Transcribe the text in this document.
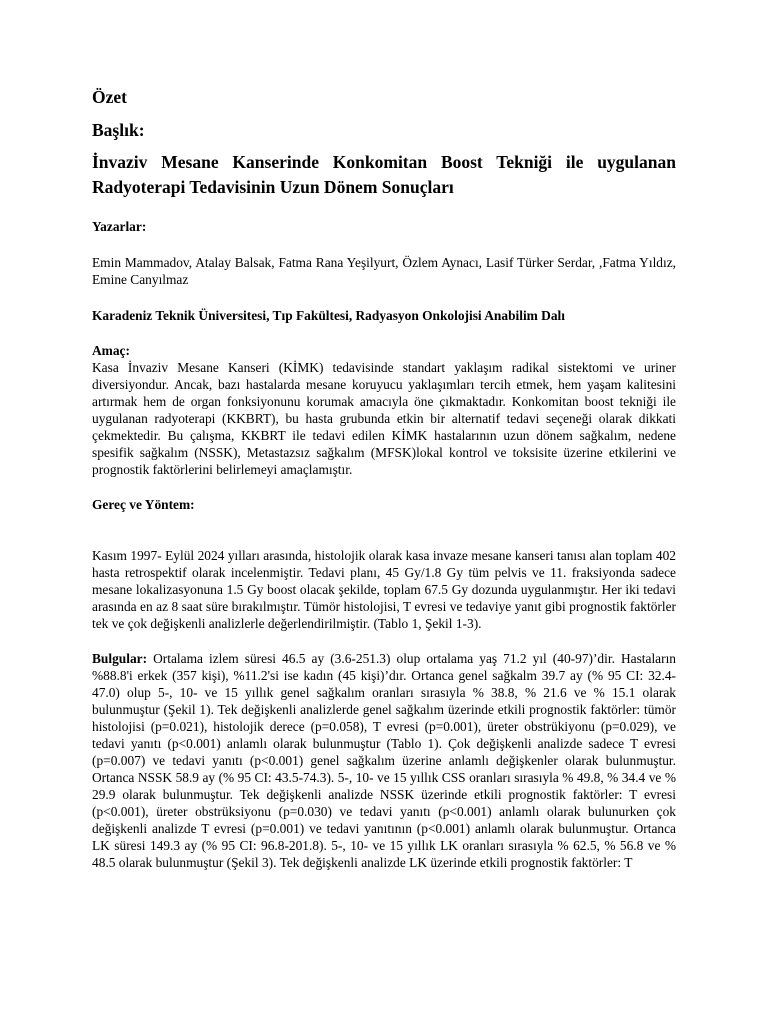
Özet

Başlık:

İnvaziv Mesane Kanserinde Konkomitan Boost Tekniği ile uygulanan Radyoterapi Tedavisinin Uzun Dönem Sonuçları

Yazarlar:

Emin Mammadov, Atalay Balsak, Fatma Rana Yeşilyurt, Özlem Aynacı, Lasif Türker Serdar, ,Fatma Yıldız, Emine Canyılmaz

Karadeniz Teknik Üniversitesi, Tıp Fakültesi, Radyasyon Onkolojisi Anabilim Dalı

Amaç:

Kasa İnvaziv Mesane Kanseri (KİMK) tedavisinde standart yaklaşım radikal sistektomi ve uriner diversiyondur. Ancak, bazı hastalarda mesane koruyucu yaklaşımları tercih etmek, hem yaşam kalitesini artırmak hem de organ fonksiyonunu korumak amacıyla öne çıkmaktadır. Konkomitan boost tekniği ile uygulanan radyoterapi (KKBRT), bu hasta grubunda etkin bir alternatif tedavi seçeneği olarak dikkati çekmektedir. Bu çalışma, KKBRT ile tedavi edilen KİMK hastalarının uzun dönem sağkalım, nedene spesifik sağkalım (NSSK), Metastazsız sağkalım (MFSK)lokal kontrol ve toksisite üzerine etkilerini ve prognostik faktörlerini belirlemeyi amaçlamıştır.

Gereç ve Yöntem:

Kasım 1997- Eylül 2024 yılları arasında, histolojik olarak kasa invaze mesane kanseri tanısı alan toplam 402 hasta retrospektif olarak incelenmiştir. Tedavi planı, 45 Gy/1.8 Gy tüm pelvis ve 11. fraksiyonda sadece mesane lokalizasyonuna 1.5 Gy boost olacak şekilde, toplam 67.5 Gy dozunda uygulanmıştır. Her iki tedavi arasında en az 8 saat süre bırakılmıştır. Tümör histolojisi, T evresi ve tedaviye yanıt gibi prognostik faktörler tek ve çok değişkenli analizlerle değerlendirilmiştir. (Tablo 1, Şekil 1-3).

Bulgular: Ortalama izlem süresi 46.5 ay (3.6-251.3) olup ortalama yaş 71.2 yıl (40-97)’dir. Hastaların %88.8'i erkek (357 kişi), %11.2'si ise kadın (45 kişi)’dır. Ortanca genel sağkalm 39.7 ay (% 95 CI: 32.4-47.0) olup 5-, 10- ve 15 yıllık genel sağkalım oranları sırasıyla % 38.8, % 21.6 ve % 15.1 olarak bulunmuştur (Şekil 1). Tek değişkenli analizlerde genel sağkalım üzerinde etkili prognostik faktörler: tümör histolojisi (p=0.021), histolojik derece (p=0.058), T evresi (p=0.001), üreter obstrükiyonu (p=0.029), ve tedavi yanıtı (p<0.001) anlamlı olarak bulunmuştur (Tablo 1). Çok değişkenli analizde sadece T evresi (p=0.007) ve tedavi yanıtı (p<0.001) genel sağkalım üzerine anlamlı değişkenler olarak bulunmuştur. Ortanca NSSK 58.9 ay (% 95 CI: 43.5-74.3). 5-, 10- ve 15 yıllık CSS oranları sırasıyla % 49.8, % 34.4 ve % 29.9 olarak bulunmuştur. Tek değişkenli analizde NSSK üzerinde etkili prognostik faktörler: T evresi (p<0.001), üreter obstrüksiyonu (p=0.030) ve tedavi yanıtı (p<0.001) anlamlı olarak bulunurken çok değişkenli analizde T evresi (p=0.001) ve tedavi yanıtının (p<0.001) anlamlı olarak bulunmuştur. Ortanca LK süresi 149.3 ay (% 95 CI: 96.8-201.8). 5-, 10- ve 15 yıllık LK oranları sırasıyla % 62.5, % 56.8 ve % 48.5 olarak bulunmuştur (Şekil 3). Tek değişkenli analizde LK üzerinde etkili prognostik faktörler: T
